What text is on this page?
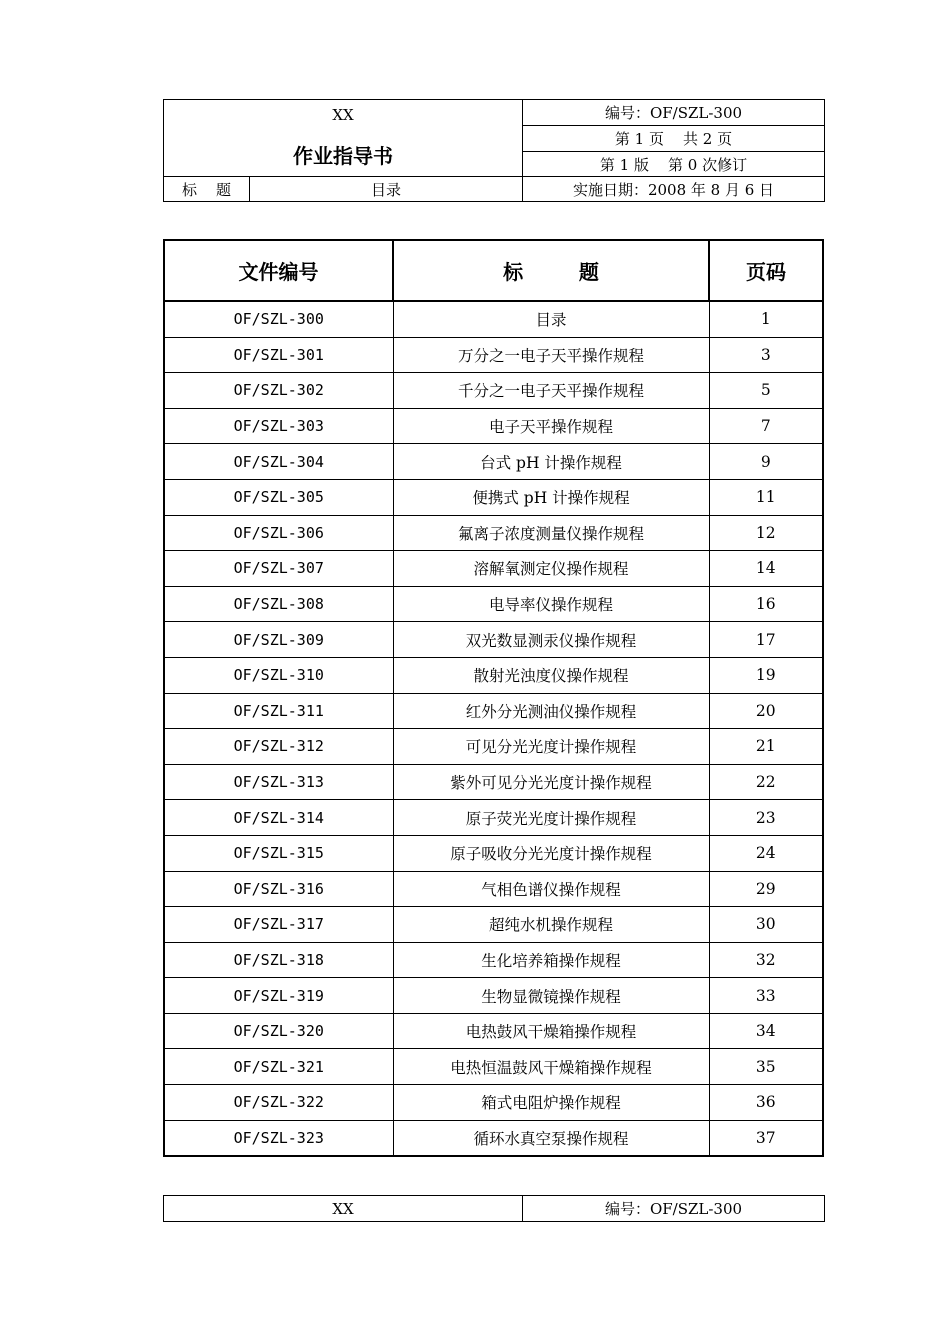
XX
作业指导书		编号：OF/SZL-300
		第 1 页    共 2 页
		第 1 版    第 0 次修订
标    题	目录	实施日期：2008 年 8 月 6 日
文件编号	标        题	页码
OF/SZL-300	目录	1
OF/SZL-301	万分之一电子天平操作规程	3
OF/SZL-302	千分之一电子天平操作规程	5
OF/SZL-303	电子天平操作规程	7
OF/SZL-304	台式 pH 计操作规程	9
OF/SZL-305	便携式 pH 计操作规程	11
OF/SZL-306	氟离子浓度测量仪操作规程	12
OF/SZL-307	溶解氧测定仪操作规程	14
OF/SZL-308	电导率仪操作规程	16
OF/SZL-309	双光数显测汞仪操作规程	17
OF/SZL-310	散射光浊度仪操作规程	19
OF/SZL-311	红外分光测油仪操作规程	20
OF/SZL-312	可见分光光度计操作规程	21
OF/SZL-313	紫外可见分光光度计操作规程	22
OF/SZL-314	原子荧光光度计操作规程	23
OF/SZL-315	原子吸收分光光度计操作规程	24
OF/SZL-316	气相色谱仪操作规程	29
OF/SZL-317	超纯水机操作规程	30
OF/SZL-318	生化培养箱操作规程	32
OF/SZL-319	生物显微镜操作规程	33
OF/SZL-320	电热鼓风干燥箱操作规程	34
OF/SZL-321	电热恒温鼓风干燥箱操作规程	35
OF/SZL-322	箱式电阻炉操作规程	36
OF/SZL-323	循环水真空泵操作规程	37
XX	编号：OF/SZL-300
